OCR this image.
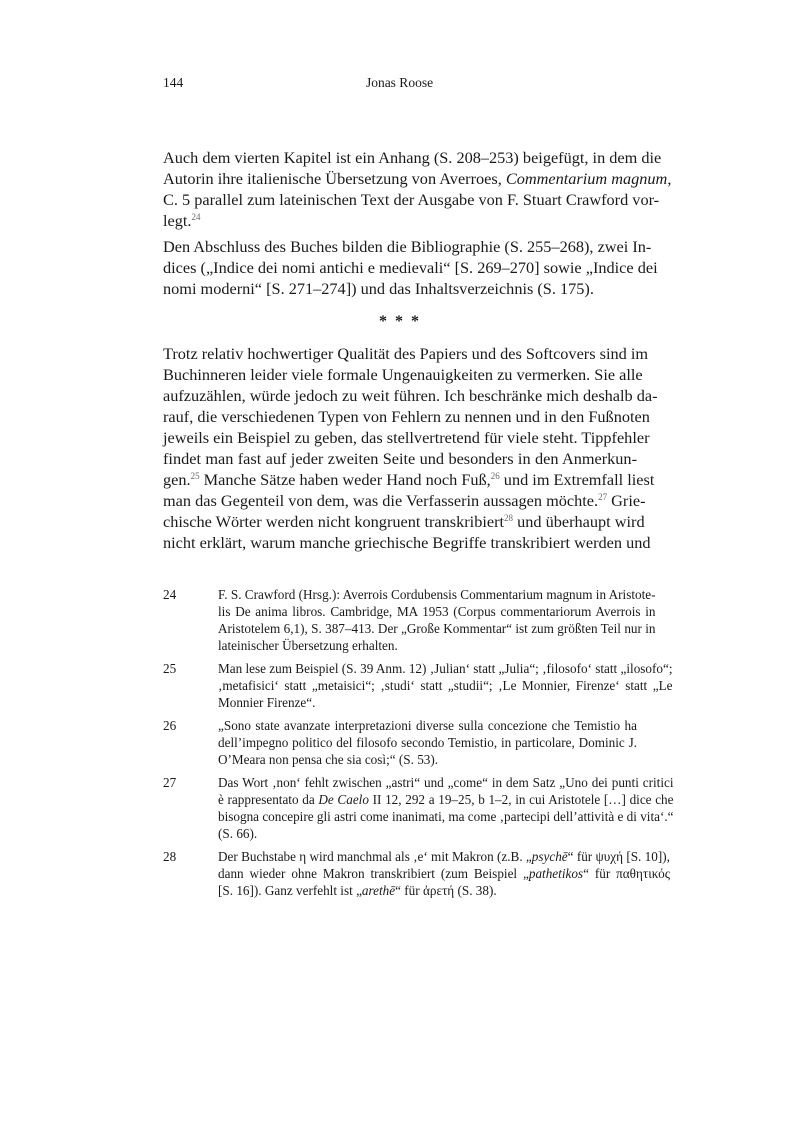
144	Jonas Roose
Auch dem vierten Kapitel ist ein Anhang (S. 208–253) beigefügt, in dem die
Autorin ihre italienische Übersetzung von Averroes, Commentarium magnum,
C. 5 parallel zum lateinischen Text der Ausgabe von F. Stuart Crawford vor-
legt.$^{24}$
Den Abschluss des Buches bilden die Bibliographie (S. 255–268), zwei In-
dices („Indice dei nomi antichi e medievali“ [S. 269–270] sowie „Indice dei
nomi moderni“ [S. 271–274]) und das Inhaltsverzeichnis (S. 175).
* * *
Trotz relativ hochwertiger Qualität des Papiers und des Softcovers sind im
Buchinneren leider viele formale Ungenauigkeiten zu vermerken. Sie alle
aufzuzählen, würde jedoch zu weit führen. Ich beschränke mich deshalb da-
rauf, die verschiedenen Typen von Fehlern zu nennen und in den Fußnoten
jeweils ein Beispiel zu geben, das stellvertretend für viele steht. Tippfehler
findet man fast auf jeder zweiten Seite und besonders in den Anmerkun-
gen.$^{25}$ Manche Sätze haben weder Hand noch Fuß,$^{26}$ und im Extremfall liest
man das Gegenteil von dem, was die Verfasserin aussagen möchte.$^{27}$ Grie-
chische Wörter werden nicht kongruent transkribiert$^{28}$ und überhaupt wird
nicht erklärt, warum manche griechische Begriffe transkribiert werden und
24	F. S. Crawford (Hrsg.): Averrois Cordubensis Commentarium magnum in Aristote-
lis De anima libros. Cambridge, MA 1953 (Corpus commentariorum Averrois in
Aristotelem 6,1), S. 387–413. Der „Große Kommentar“ ist zum größten Teil nur in
lateinischer Übersetzung erhalten.
25	Man lese zum Beispiel (S. 39 Anm. 12) ‚Julian‘ statt „Julia“; ‚filosofo‘ statt „ilosofo“;
‚metafisici‘ statt „metaisici“; ‚studi‘ statt „studii“; ‚Le Monnier, Firenze‘ statt „Le
Monnier Firenze“.
26	„Sono state avanzate interpretazioni diverse sulla concezione che Temistio ha
dell’impegno politico del filosofo secondo Temistio, in particolare, Dominic J.
O’Meara non pensa che sia così;“ (S. 53).
27	Das Wort ‚non‘ fehlt zwischen „astri“ und „come“ in dem Satz „Uno dei punti critici
è rappresentato da De Caelo II 12, 292 a 19–25, b 1–2, in cui Aristotele […] dice che
bisogna concepire gli astri come inanimati, ma come ‚partecipi dell’attività e di vita‘.“
(S. 66).
28	Der Buchstabe η wird manchmal als ‚e‘ mit Makron (z.B. „psychē“ für ψυχή [S. 10]),
dann wieder ohne Makron transkribiert (zum Beispiel „pathetikos“ für παθητικός
[S. 16]). Ganz verfehlt ist „arethē“ für ἀρετή (S. 38).
